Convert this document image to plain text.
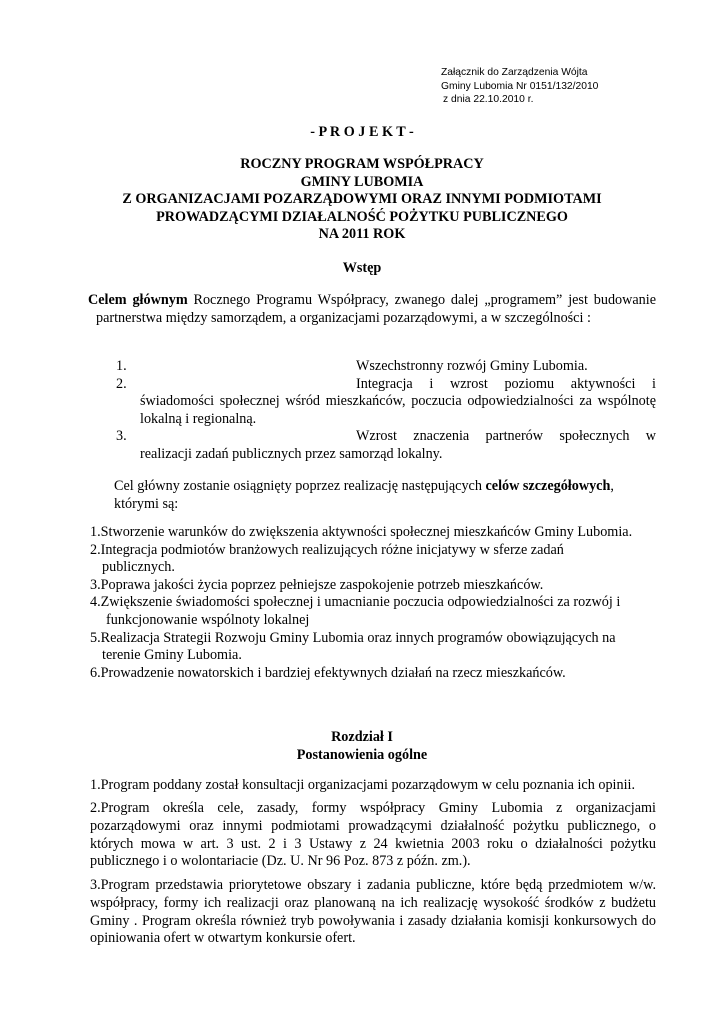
Załącznik do Zarządzenia Wójta
Gminy Lubomia Nr 0151/132/2010
z dnia 22.10.2010 r.
- P R O J E K T -
ROCZNY PROGRAM WSPÓŁPRACY
GMINY LUBOMIA
Z ORGANIZACJAMI POZARZĄDOWYMI ORAZ INNYMI PODMIOTAMI
PROWADZĄCYMI DZIAŁALNOŚĆ POŻYTKU PUBLICZNEGO
NA 2011 ROK
Wstęp
Celem głównym Rocznego Programu Współpracy, zwanego dalej „programem” jest budowanie partnerstwa między samorządem, a organizacjami pozarządowymi, a w szczególności :
1.	Wszechstronny rozwój Gminy Lubomia.
2.	Integracja i wzrost poziomu aktywności i świadomości społecznej wśród mieszkańców, poczucia odpowiedzialności za wspólnotę lokalną i regionalną.
3.	Wzrost znaczenia partnerów społecznych w realizacji zadań publicznych przez samorząd lokalny.
Cel główny zostanie osiągnięty poprzez realizację następujących celów szczegółowych, którymi są:
1.Stworzenie warunków do zwiększenia aktywności społecznej mieszkańców Gminy Lubomia.
2.Integracja podmiotów branżowych realizujących różne inicjatywy w sferze zadań publicznych.
3.Poprawa jakości życia poprzez pełniejsze zaspokojenie potrzeb mieszkańców.
4.Zwiększenie świadomości społecznej i umacnianie poczucia odpowiedzialności za rozwój i funkcjonowanie wspólnoty lokalnej
5.Realizacja Strategii Rozwoju Gminy Lubomia oraz innych programów obowiązujących na terenie Gminy Lubomia.
6.Prowadzenie nowatorskich i bardziej efektywnych działań na rzecz mieszkańców.
Rozdział I
Postanowienia ogólne
1.Program poddany został konsultacji organizacjami pozarządowym w celu poznania ich opinii.
2.Program określa cele, zasady, formy współpracy Gminy Lubomia z organizacjami pozarządowymi oraz innymi podmiotami prowadzącymi działalność pożytku publicznego, o których mowa w art. 3 ust. 2 i 3 Ustawy z 24 kwietnia 2003 roku o działalności pożytku publicznego i o wolontariacie (Dz. U. Nr 96 Poz. 873 z późn. zm.).
3.Program przedstawia priorytetowe obszary i zadania publiczne, które będą przedmiotem w/w. współpracy, formy ich realizacji oraz planowaną na ich realizację wysokość środków z budżetu Gminy . Program określa również tryb powoływania i zasady działania komisji konkursowych do opiniowania ofert w otwartym konkursie ofert.
